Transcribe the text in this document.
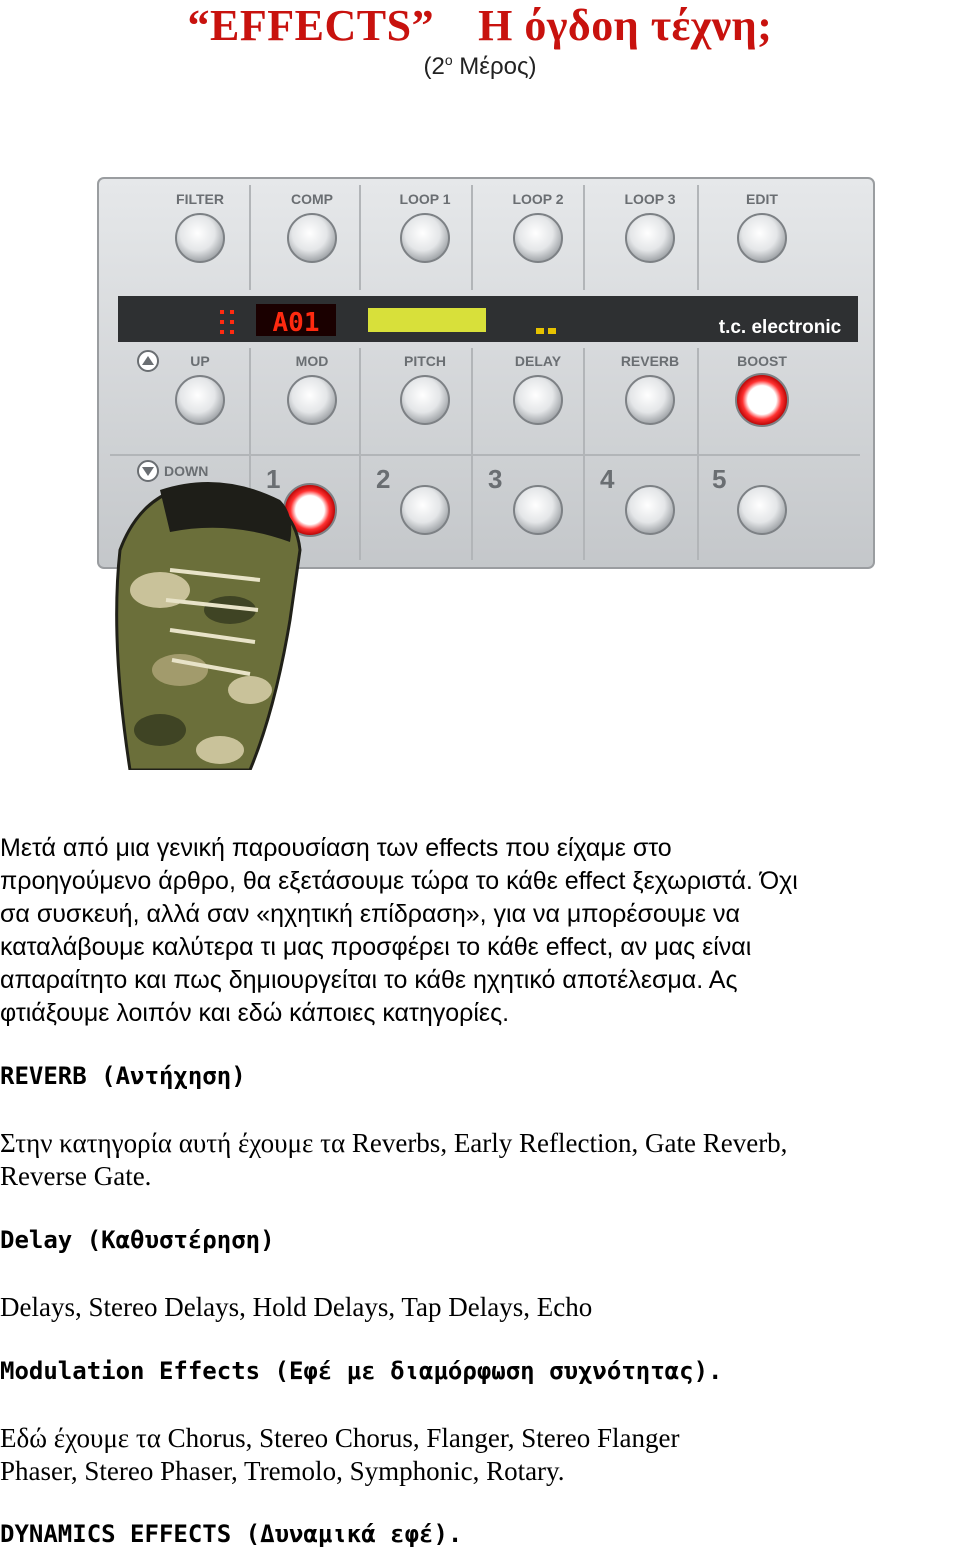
“EFFECTS” Η όγδοη τέχνη;
($2^o$ Μέρος)
FILTER	COMP	LOOP 1	LOOP 2	LOOP 3	EDIT
A01	t.c. electronic
UP	MOD	PITCH	DELAY	REVERB	BOOST
DOWN 1	2	3	4	5
Μετά από μια γενική παρουσίαση των effects που είχαμε στο
προηγούμενο άρθρο, θα εξετάσουμε τώρα το κάθε effect ξεχωριστά. Όχι
σα συσκευή, αλλά σαν «ηχητική επίδραση», για να μπορέσουμε να
καταλάβουμε καλύτερα τι μας προσφέρει το κάθε effect, αν μας είναι
απαραίτητο και πως δημιουργείται το κάθε ηχητικό αποτέλεσμα. Ας
φτιάξουμε λοιπόν και εδώ κάποιες κατηγορίες.
REVERB (Αντήχηση)
Στην κατηγορία αυτή έχουμε τα Reverbs, Early Reflection, Gate Reverb,
Reverse Gate.
Delay (Καθυστέρηση)
Delays, Stereo Delays, Hold Delays, Tap Delays, Echo
Modulation Effects (Εφέ με διαμόρφωση συχνότητας).
Εδώ έχουμε τα Chorus, Stereo Chorus, Flanger, Stereo Flanger
Phaser, Stereo Phaser, Tremolo, Symphonic, Rotary.
DYNAMICS EFFECTS (Δυναμικά εφέ).
